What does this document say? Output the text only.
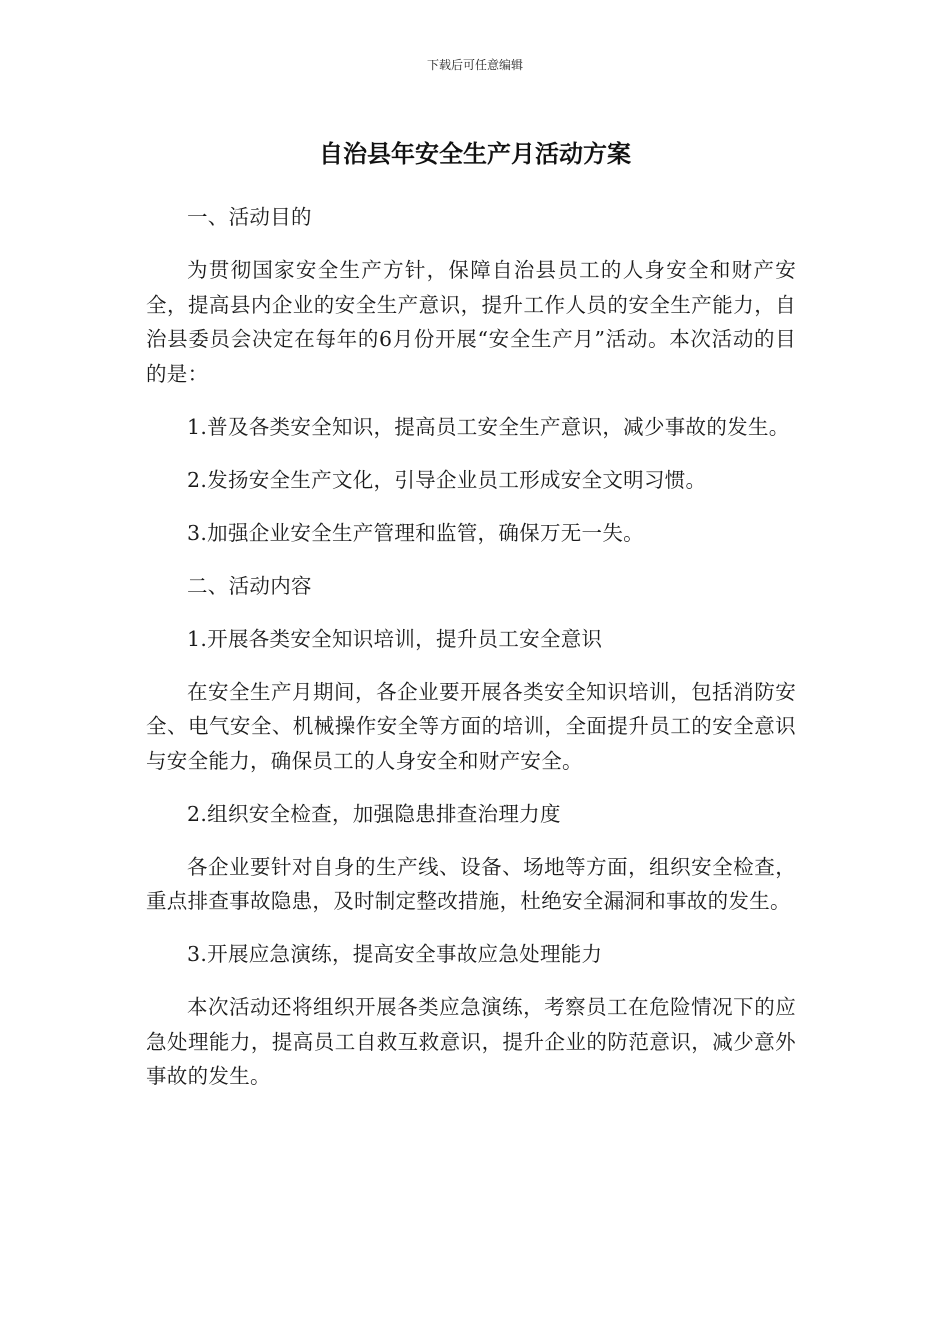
下载后可任意编辑
自治县年安全生产月活动方案

一、活动目的

为贯彻国家安全生产方针，保障自治县员工的人身安全和财产安全，提高县内企业的安全生产意识，提升工作人员的安全生产能力，自治县委员会决定在每年的6月份开展“安全生产月”活动。本次活动的目的是：

1.普及各类安全知识，提高员工安全生产意识，减少事故的发生。

2.发扬安全生产文化，引导企业员工形成安全文明习惯。

3.加强企业安全生产管理和监管，确保万无一失。

二、活动内容

1.开展各类安全知识培训，提升员工安全意识

在安全生产月期间，各企业要开展各类安全知识培训，包括消防安全、电气安全、机械操作安全等方面的培训，全面提升员工的安全意识与安全能力，确保员工的人身安全和财产安全。

2.组织安全检查，加强隐患排查治理力度

各企业要针对自身的生产线、设备、场地等方面，组织安全检查，重点排查事故隐患，及时制定整改措施，杜绝安全漏洞和事故的发生。

3.开展应急演练，提高安全事故应急处理能力

本次活动还将组织开展各类应急演练，考察员工在危险情况下的应急处理能力，提高员工自救互救意识，提升企业的防范意识，减少意外事故的发生。
